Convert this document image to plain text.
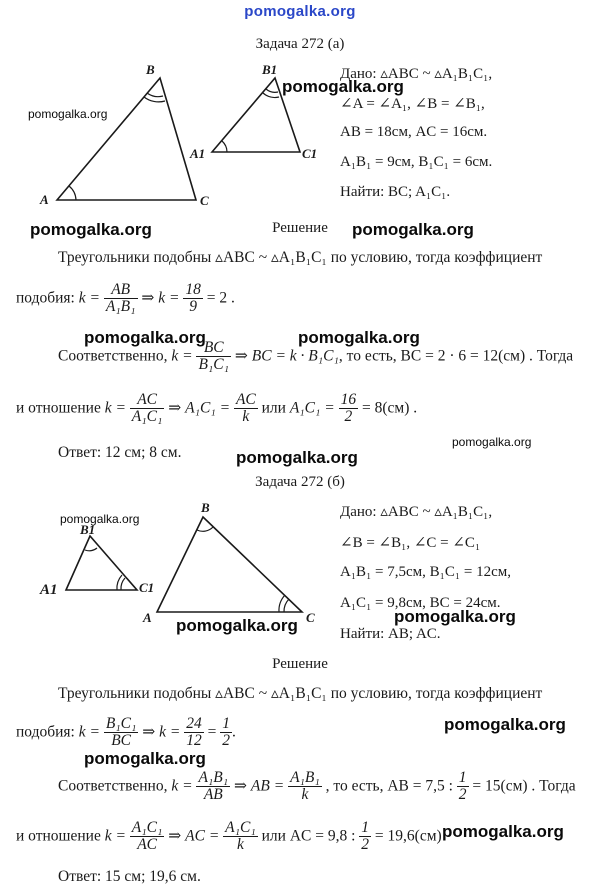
pomogalka.org
Задача 272 (а)
A
B
C
A1
B1
C1
Дано: ▵ABC ~ ▵A₁B₁C₁,
∠A = ∠A₁, ∠B = ∠B₁,
AB = 18см, AC = 16см.
A₁B₁ = 9см, B₁C₁ = 6см.
Найти: BC; A₁C₁.
Решение
Треугольники подобны ▵ABC ~ ▵A₁B₁C₁ по условию, тогда коэффициент
подобия: $k = \frac{AB}{\text{A₁B₁}}$ ⇒ $k = \frac{18}{9} = 2$ .
Соответственно, $k = \frac{BC}{\text{B₁C₁}}$ ⇒ BC = k · B₁C₁, то есть, BC = 2 · 6 = 12(см) . Тогда
и отношение $k = \frac{AC}{\text{A₁C₁}}$ ⇒ $A_1C_1 = \frac{AC}{k}$ или $A_1C_1 = \frac{16}{2} = 8(см)$ .
Ответ: 12 см; 8 см.
Задача 272 (б)
A1
B1
C1
A
B
C
Дано: ▵ABC ~ ▵A₁B₁C₁,
∠B = ∠B₁, ∠C = ∠C₁
A₁B₁ = 7,5см, B₁C₁ = 12см,
A₁C₁ = 9,8см, BC = 24см.
Найти: AB; AC.
Решение
Треугольники подобны ▵ABC ~ ▵A₁B₁C₁ по условию, тогда коэффициент
подобия: $k = \frac{\text{B₁C₁}}{BC}$ ⇒ $k = \frac{24}{12} = \frac{1}{2}$ .
Соответственно, $k = \frac{\text{A₁B₁}}{AB}$ ⇒ AB = $\frac{\text{A₁B₁}}{k}$ , то есть, AB = 7,5 : $\frac{1}{2} = 15(см)$ . Тогда
и отношение $k = \frac{\text{A₁C₁}}{AC}$ ⇒ AC = $\frac{\text{A₁C₁}}{k}$ или AC = 9,8 : $\frac{1}{2} = 19,6(см)$
Ответ: 15 см; 19,6 см.
pomogalka.org
pomogalka.org
pomogalka.org	pomogalka.org
pomogalka.org	pomogalka.org
pomogalka.org
pomogalka.org
pomogalka.org
pomogalka.org	pomogalka.org
pomogalka.org
pomogalka.org
pomogalka.org
